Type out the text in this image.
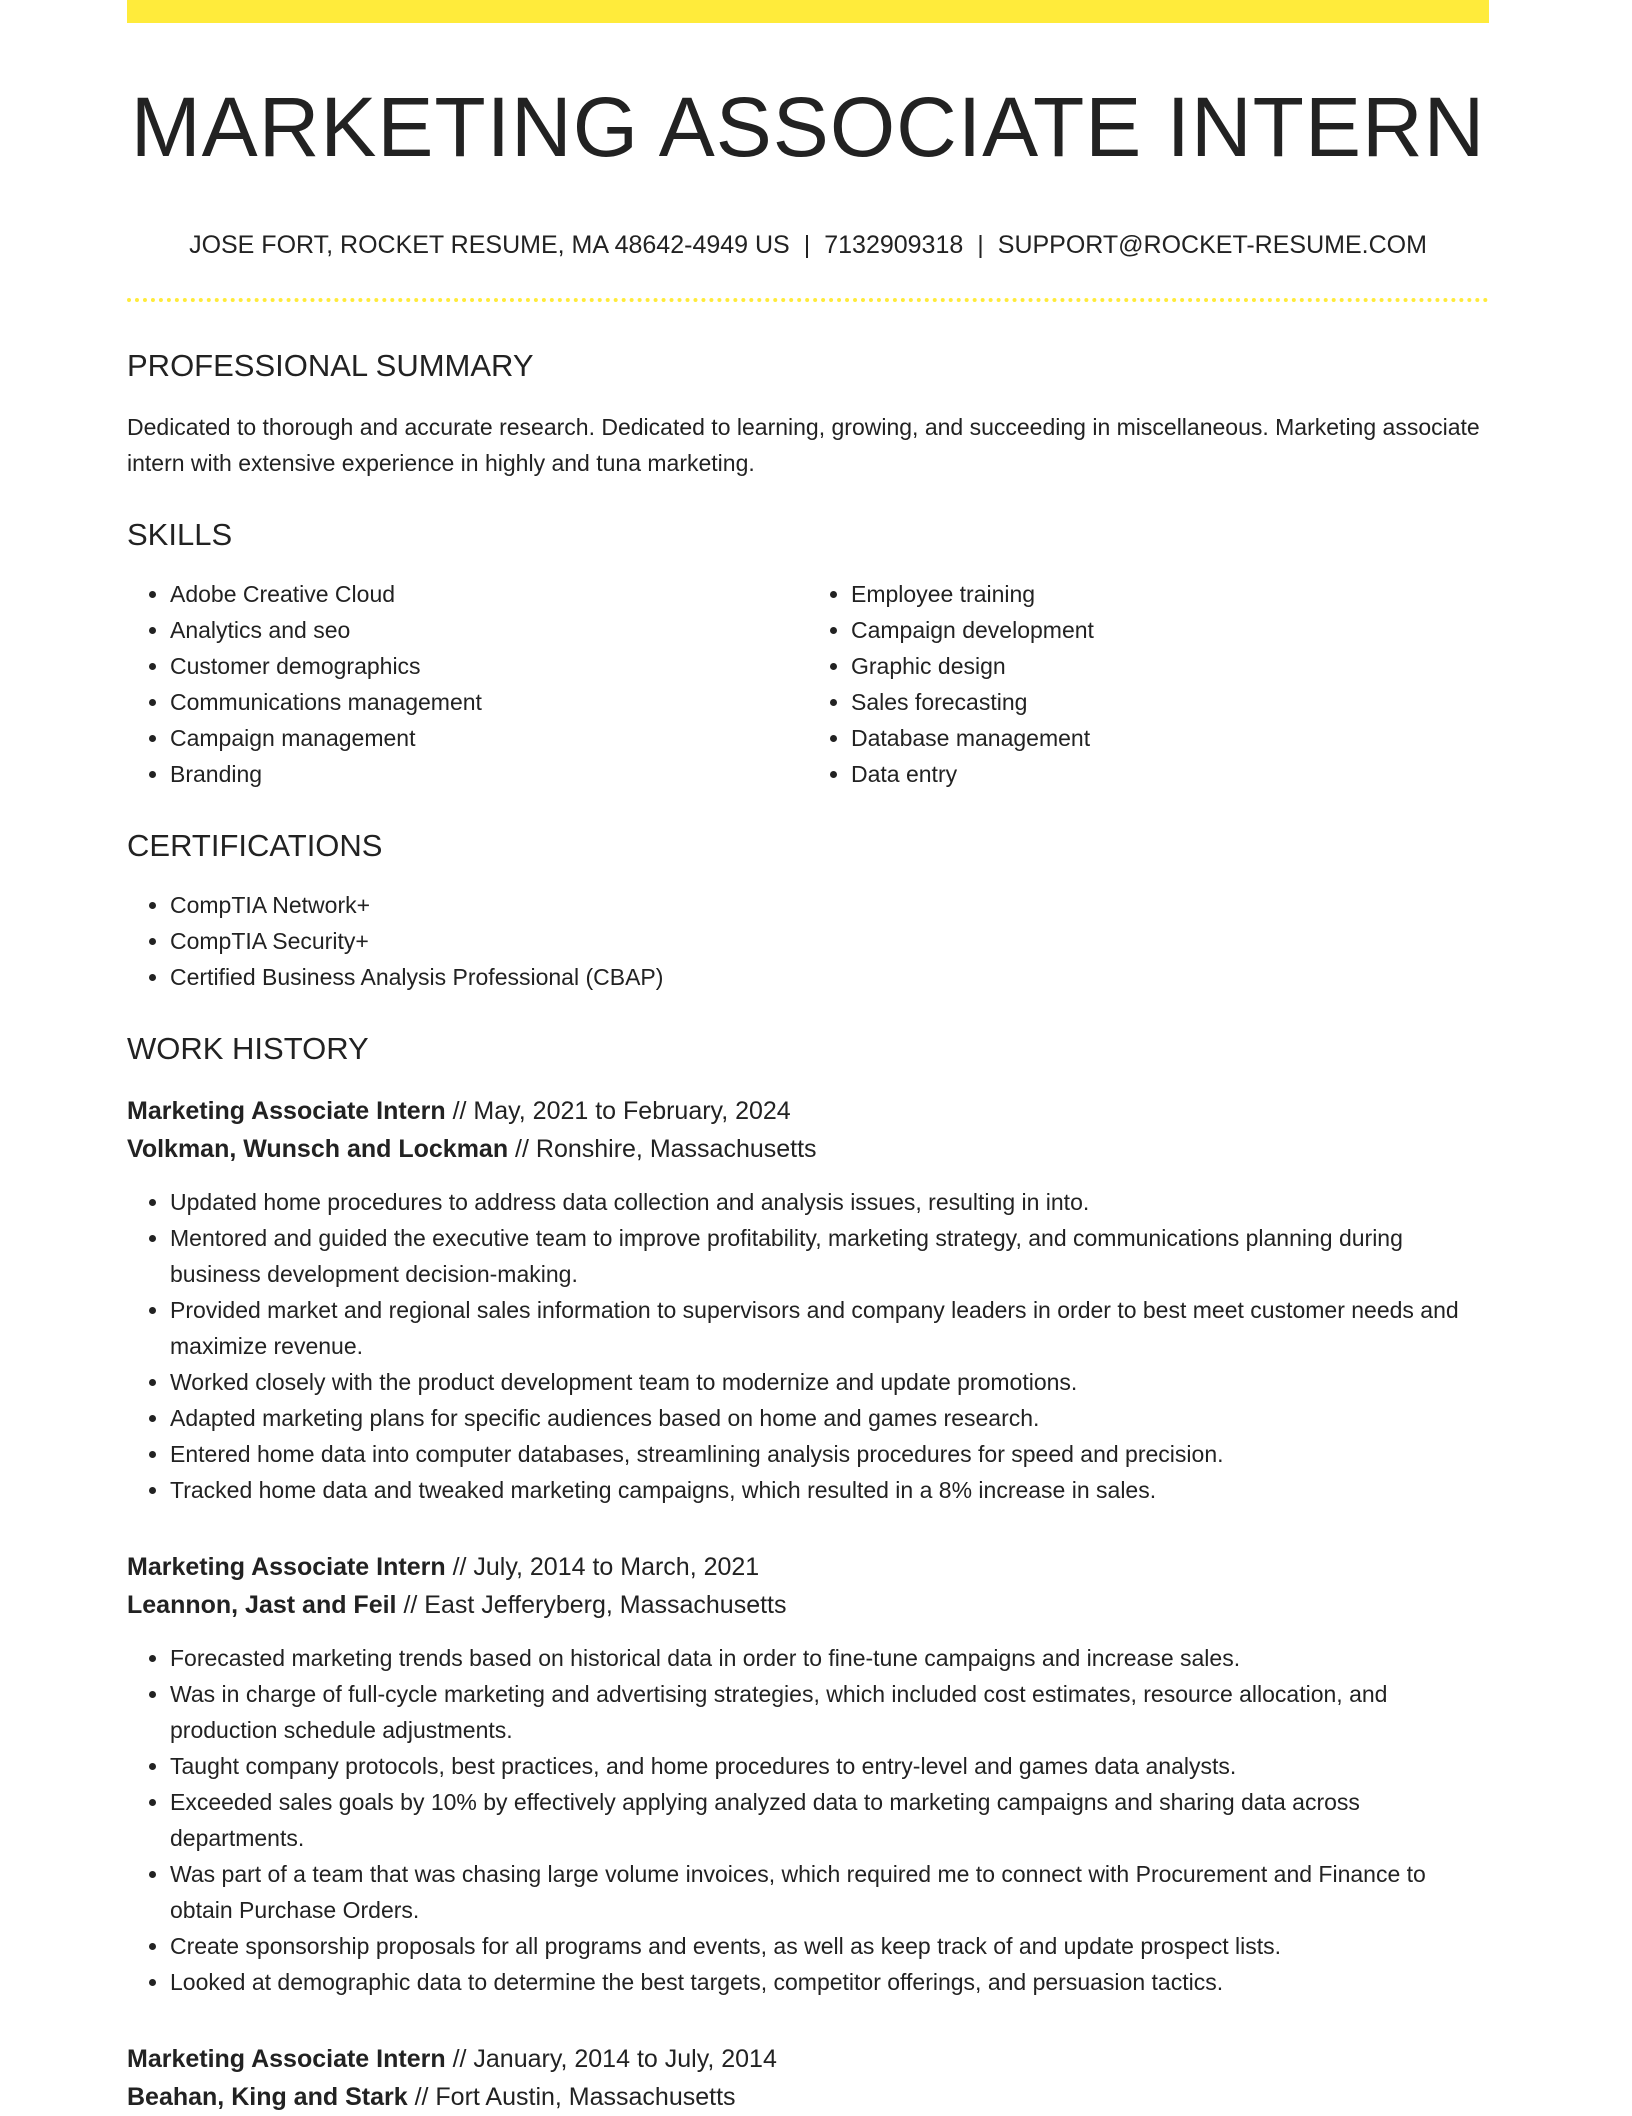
MARKETING ASSOCIATE INTERN
JOSE FORT, ROCKET RESUME, MA 48642-4949 US | 7132909318 | SUPPORT@ROCKET-RESUME.COM
PROFESSIONAL SUMMARY

Dedicated to thorough and accurate research. Dedicated to learning, growing, and succeeding in miscellaneous. Marketing associate intern with extensive experience in highly and tuna marketing.

SKILLS
• Adobe Creative Cloud
• Analytics and seo
• Customer demographics
• Communications management
• Campaign management
• Branding
• Employee training
• Campaign development
• Graphic design
• Sales forecasting
• Database management
• Data entry
CERTIFICATIONS
• CompTIA Network+
• CompTIA Security+
• Certified Business Analysis Professional (CBAP)
WORK HISTORY
Marketing Associate Intern // May, 2021 to February, 2024
Volkman, Wunsch and Lockman // Ronshire, Massachusetts
• Updated home procedures to address data collection and analysis issues, resulting in into.
• Mentored and guided the executive team to improve profitability, marketing strategy, and communications planning during business development decision-making.
• Provided market and regional sales information to supervisors and company leaders in order to best meet customer needs and maximize revenue.
• Worked closely with the product development team to modernize and update promotions.
• Adapted marketing plans for specific audiences based on home and games research.
• Entered home data into computer databases, streamlining analysis procedures for speed and precision.
• Tracked home data and tweaked marketing campaigns, which resulted in a 8% increase in sales.
Marketing Associate Intern // July, 2014 to March, 2021
Leannon, Jast and Feil // East Jefferyberg, Massachusetts
• Forecasted marketing trends based on historical data in order to fine-tune campaigns and increase sales.
• Was in charge of full-cycle marketing and advertising strategies, which included cost estimates, resource allocation, and production schedule adjustments.
• Taught company protocols, best practices, and home procedures to entry-level and games data analysts.
• Exceeded sales goals by 10% by effectively applying analyzed data to marketing campaigns and sharing data across departments.
• Was part of a team that was chasing large volume invoices, which required me to connect with Procurement and Finance to obtain Purchase Orders.
• Create sponsorship proposals for all programs and events, as well as keep track of and update prospect lists.
• Looked at demographic data to determine the best targets, competitor offerings, and persuasion tactics.
Marketing Associate Intern // January, 2014 to July, 2014
Beahan, King and Stark // Fort Austin, Massachusetts
